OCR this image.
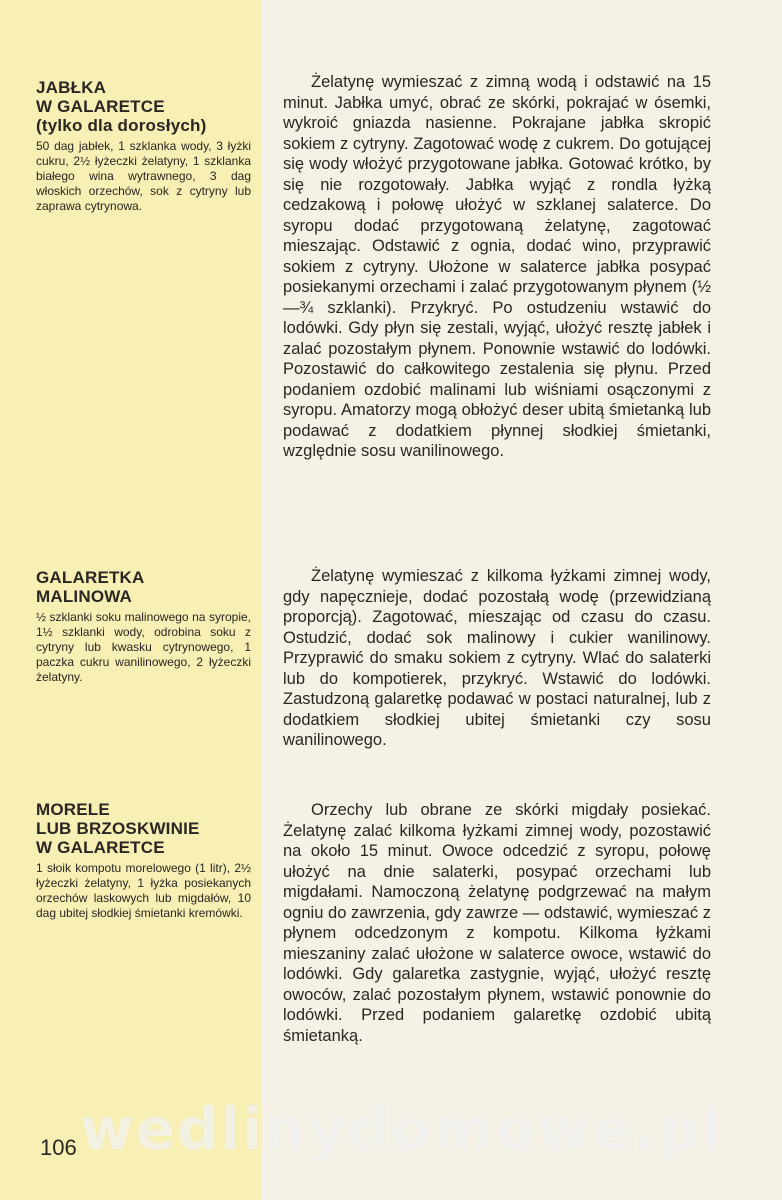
JABŁKA
W GALARETCE
(tylko dla dorosłych)

50 dag jabłek, 1 szklanka wody, 3 łyżki cukru, 2½ łyżeczki żelatyny, 1 szklanka białego wina wytrawnego, 3 dag włoskich orzechów, sok z cytryny lub zaprawa cytrynowa.

Żelatynę wymieszać z zimną wodą i odstawić na 15 minut. Jabłka umyć, obrać ze skórki, pokrajać w ósemki, wykroić gniazda nasienne. Pokrajane jabłka skropić sokiem z cytryny. Zagotować wodę z cukrem. Do gotującej się wody włożyć przygotowane jabłka. Gotować krótko, by się nie rozgotowały. Jabłka wyjąć z rondla łyżką cedzakową i połowę ułożyć w szklanej salaterce. Do syropu dodać przygotowaną żelatynę, zagotować mieszając. Odstawić z ognia, dodać wino, przyprawić sokiem z cytryny. Ułożone w salaterce jabłka posypać posiekanymi orzechami i zalać przygotowanym płynem (½—¾ szklanki). Przykryć. Po ostudzeniu wstawić do lodówki. Gdy płyn się zestali, wyjąć, ułożyć resztę jabłek i zalać pozostałym płynem. Ponownie wstawić do lodówki. Pozostawić do całkowitego zestalenia się płynu. Przed podaniem ozdobić malinami lub wiśniami osączonymi z syropu. Amatorzy mogą obłożyć deser ubitą śmietanką lub podawać z dodatkiem płynnej słodkiej śmietanki, względnie sosu wanilinowego.

GALARETKA
MALINOWA

½ szklanki soku malinowego na syropie, 1½ szklanki wody, odrobina soku z cytryny lub kwasku cytrynowego, 1 paczka cukru wanilinowego, 2 łyżeczki żelatyny.

Żelatynę wymieszać z kilkoma łyżkami zimnej wody, gdy napęcznieje, dodać pozostałą wodę (przewidzianą proporcją). Zagotować, mieszając od czasu do czasu. Ostudzić, dodać sok malinowy i cukier wanilinowy. Przyprawić do smaku sokiem z cytryny. Wlać do salaterki lub do kompotierek, przykryć. Wstawić do lodówki. Zastudzoną galaretkę podawać w postaci naturalnej, lub z dodatkiem słodkiej ubitej śmietanki czy sosu wanilinowego.

MORELE
LUB BRZOSKWINIE
W GALARETCE

1 słoik kompotu morelowego (1 litr), 2½ łyżeczki żelatyny, 1 łyżka posiekanych orzechów laskowych lub migdałów, 10 dag ubitej słodkiej śmietanki kremówki.

Orzechy lub obrane ze skórki migdały posiekać. Żelatynę zalać kilkoma łyżkami zimnej wody, pozostawić na około 15 minut. Owoce odcedzić z syropu, połowę ułożyć na dnie salaterki, posypać orzechami lub migdałami. Namoczoną żelatynę podgrzewać na małym ogniu do zawrzenia, gdy zawrze — odstawić, wymieszać z płynem odcedzonym z kompotu. Kilkoma łyżkami mieszaniny zalać ułożone w salaterce owoce, wstawić do lodówki. Gdy galaretka zastygnie, wyjąć, ułożyć resztę owoców, zalać pozostałym płynem, wstawić ponownie do lodówki. Przed podaniem galaretkę ozdobić ubitą śmietanką.

wedlinydomowe.pl
106
